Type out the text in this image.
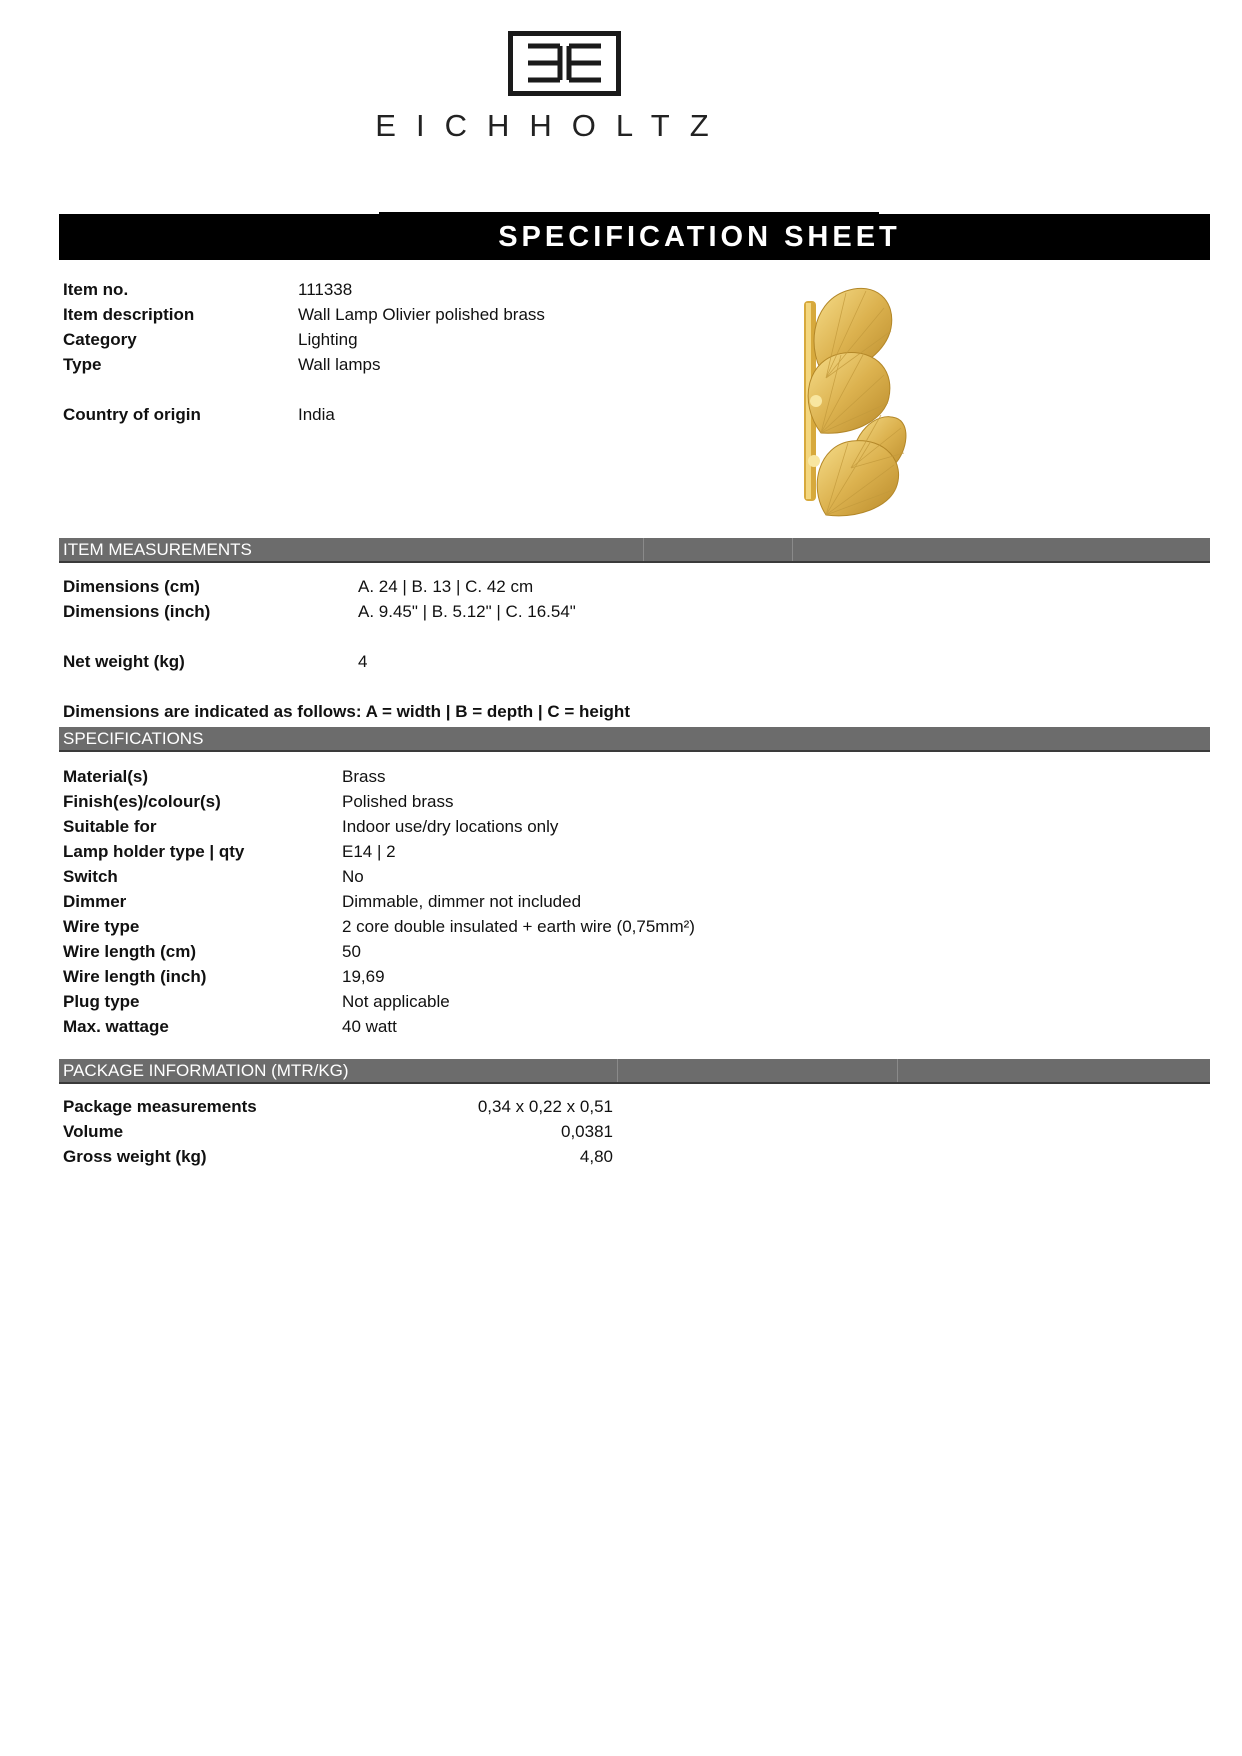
EICHHOLTZ
SPECIFICATION SHEET
Item no.	111338
Item description	Wall Lamp Olivier polished brass
Category	Lighting
Type	Wall lamps
Country of origin	India
ITEM MEASUREMENTS
Dimensions (cm)	A. 24 | B. 13 | C. 42 cm
Dimensions (inch)	A. 9.45" | B. 5.12" | C. 16.54"
Net weight (kg)	4
Dimensions are indicated as follows: A = width | B = depth | C = height
SPECIFICATIONS
Material(s)	Brass
Finish(es)/colour(s)	Polished brass
Suitable for	Indoor use/dry locations only
Lamp holder type | qty	E14 | 2
Switch	No
Dimmer	Dimmable, dimmer not included
Wire type	2 core double insulated + earth wire (0,75mm²)
Wire length (cm)	50
Wire length (inch)	19,69
Plug type	Not applicable
Max. wattage	40 watt
PACKAGE INFORMATION (MTR/KG)
Package measurements	0,34 x 0,22 x 0,51
Volume	0,0381
Gross weight (kg)	4,80
